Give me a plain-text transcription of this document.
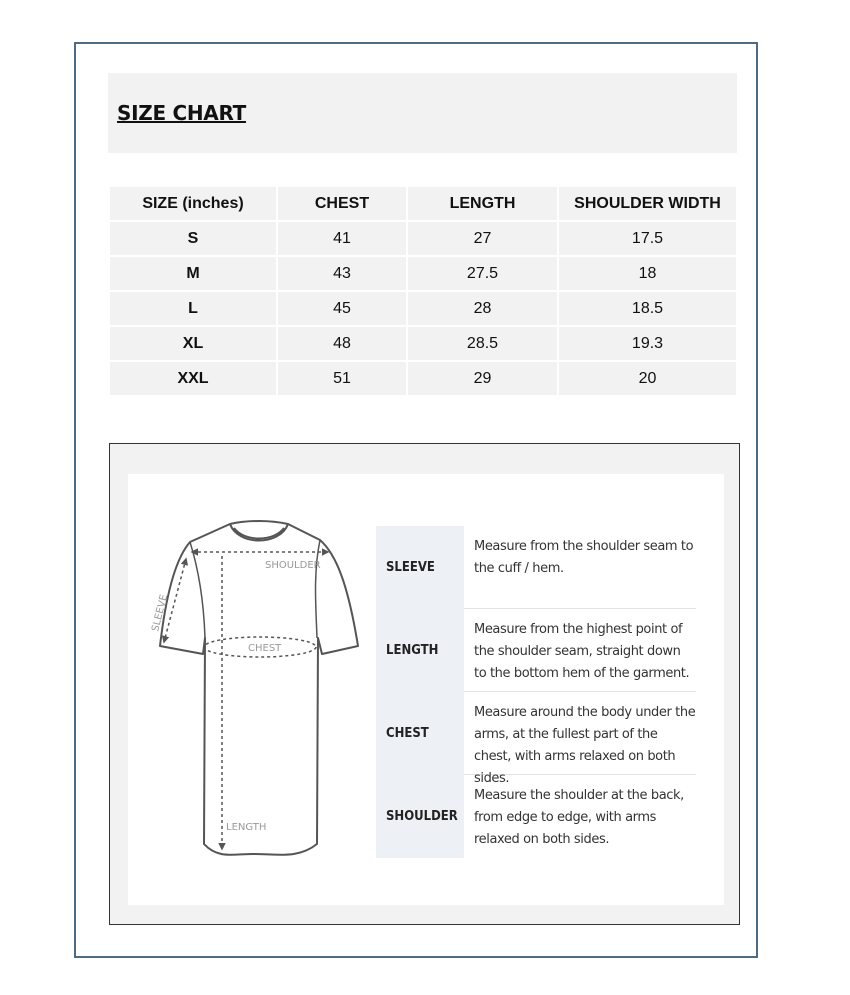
SIZE CHART
SIZE (inches)	CHEST	LENGTH	SHOULDER WIDTH
S	41	27	17.5
M	43	27.5	18
L	45	28	18.5
XL	48	28.5	19.3
XXL	51	29	20
SHOULDER
SLEEVE
CHEST
LENGTH
SLEEVE
Measure from the shoulder seam to the cuff / hem.
LENGTH
Measure from the highest point of the shoulder seam, straight down to the bottom hem of the garment.
CHEST
Measure around the body under the arms, at the fullest part of the chest, with arms relaxed on both sides.
SHOULDER
Measure the shoulder at the back, from edge to edge, with arms relaxed on both sides.
